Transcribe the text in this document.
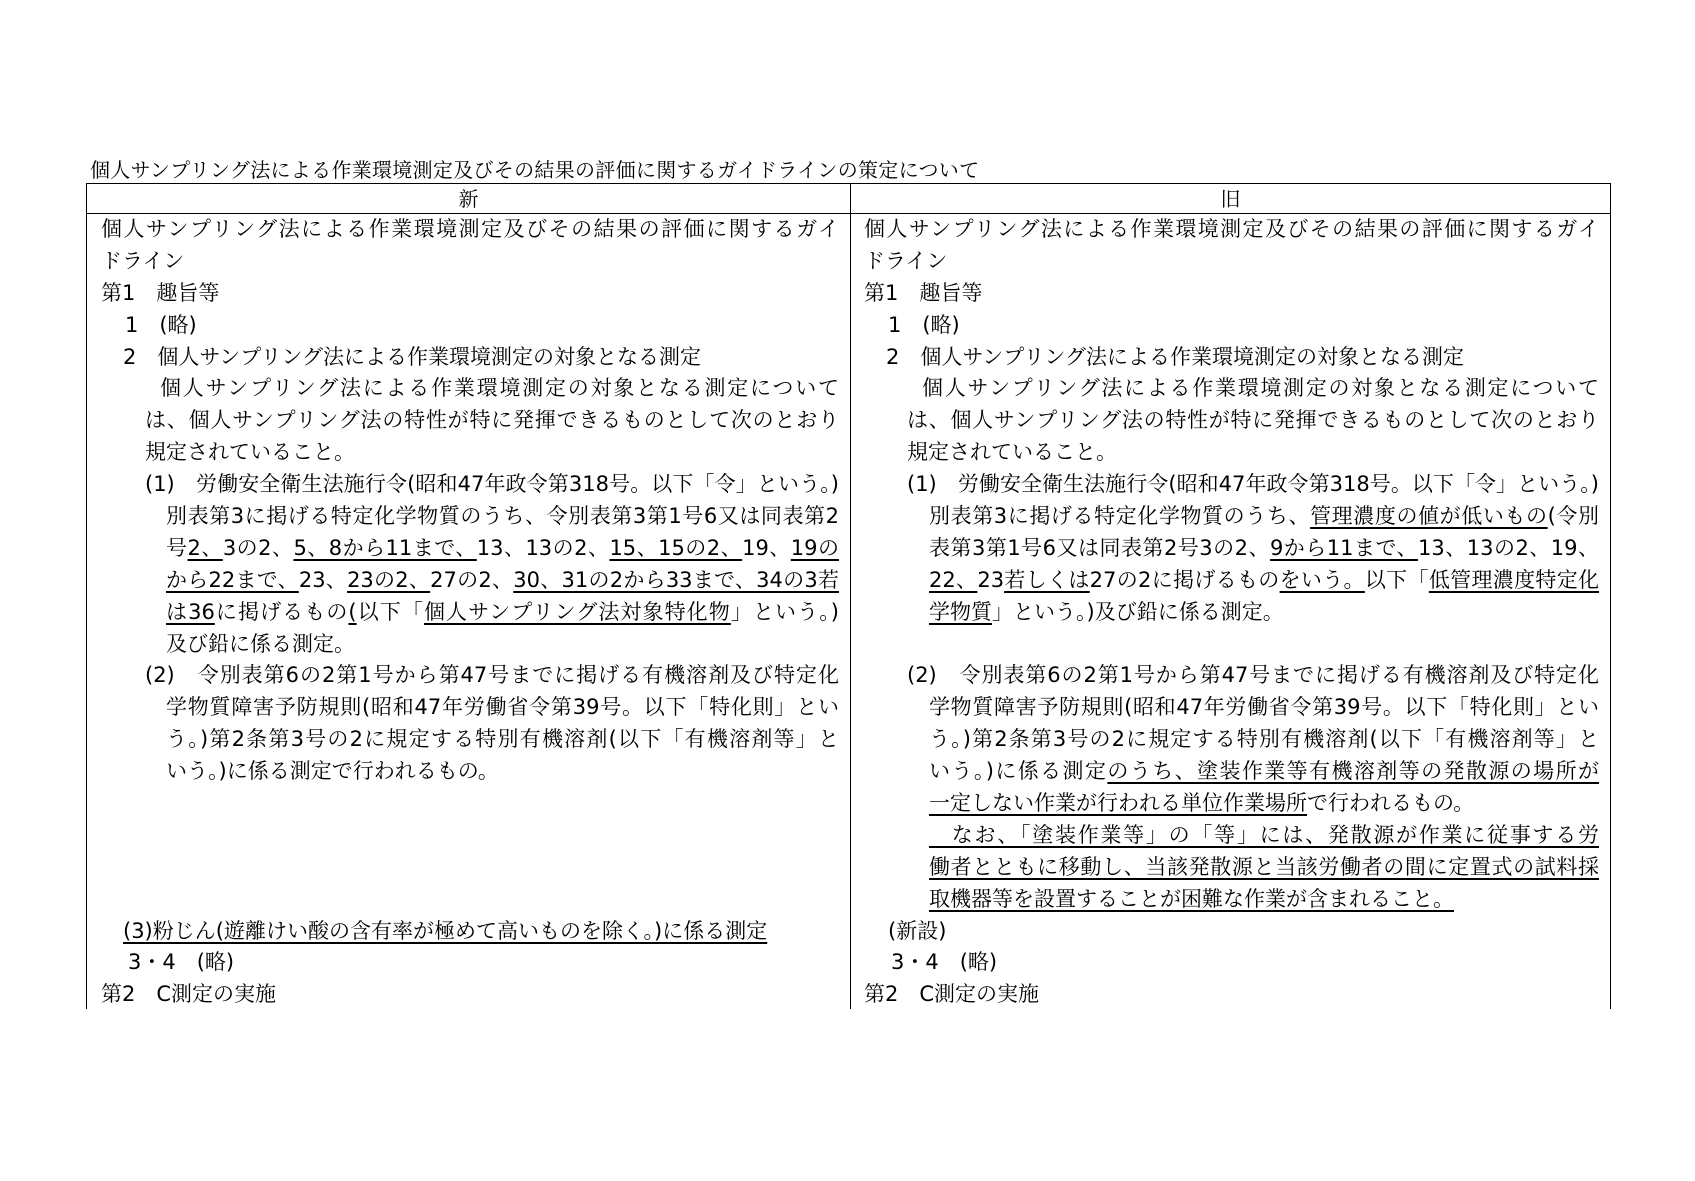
個人サンプリング法による作業環境測定及びその結果の評価に関するガイドラインの策定について
新	旧
個人サンプリング法による作業環境測定及びその結果の評価に関するガイ
ドライン
第1　趣旨等
1　(略)
2　個人サンプリング法による作業環境測定の対象となる測定
個人サンプリング法による作業環境測定の対象となる測定について
は、個人サンプリング法の特性が特に発揮できるものとして次のとおり
規定されていること。
(1)　労働安全衛生法施行令(昭和47年政令第318号。以下「令」という。)
別表第3に掲げる特定化学物質のうち、令別表第3第1号6又は同表第2
号2、3の2、5、8から11まで、13、13の2、15、15の2、19、19の
から22まで、23、23の2、27の2、30、31の2から33まで、34の3若
は36に掲げるもの(以下「個人サンプリング法対象特化物」という。)
及び鉛に係る測定。
(2)　令別表第6の2第1号から第47号までに掲げる有機溶剤及び特定化
学物質障害予防規則(昭和47年労働省令第39号。以下「特化則」とい
う。)第2条第3号の2に規定する特別有機溶剤(以下「有機溶剤等」と
いう。)に係る測定で行われるもの。
(3)粉じん(遊離けい酸の含有率が極めて高いものを除く。)に係る測定
3・4　(略)
第2　C測定の実施
個人サンプリング法による作業環境測定及びその結果の評価に関するガイ
ドライン
第1　趣旨等
1　(略)
2　個人サンプリング法による作業環境測定の対象となる測定
個人サンプリング法による作業環境測定の対象となる測定について
は、個人サンプリング法の特性が特に発揮できるものとして次のとおり
規定されていること。
(1)　労働安全衛生法施行令(昭和47年政令第318号。以下「令」という。)
別表第3に掲げる特定化学物質のうち、管理濃度の値が低いもの(令別
表第3第1号6又は同表第2号3の2、9から11まで、13、13の2、19、
22、23若しくは27の2に掲げるものをいう。以下「低管理濃度特定化
学物質」という。)及び鉛に係る測定。
(2)　令別表第6の2第1号から第47号までに掲げる有機溶剤及び特定化
学物質障害予防規則(昭和47年労働省令第39号。以下「特化則」とい
う。)第2条第3号の2に規定する特別有機溶剤(以下「有機溶剤等」と
いう。)に係る測定のうち、塗装作業等有機溶剤等の発散源の場所が
一定しない作業が行われる単位作業場所で行われるもの。
　なお、「塗装作業等」の「等」には、発散源が作業に従事する労
働者とともに移動し、当該発散源と当該労働者の間に定置式の試料採
取機器等を設置することが困難な作業が含まれること。
(新設)
3・4　(略)
第2　C測定の実施
